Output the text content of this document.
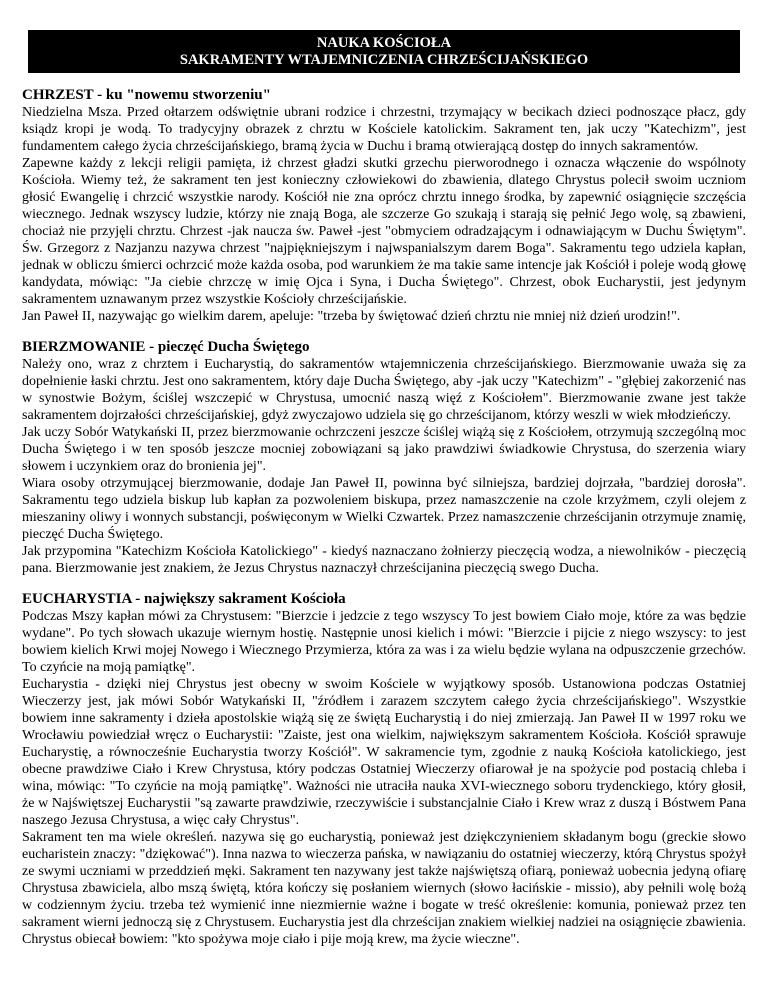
NAUKA KOŚCIOŁA
SAKRAMENTY WTAJEMNICZENIA CHRZEŚCIJAŃSKIEGO
CHRZEST - ku "nowemu stworzeniu"

Niedzielna Msza. Przed ołtarzem odświętnie ubrani rodzice i chrzestni, trzymający w becikach dzieci podnoszące płacz, gdy ksiądz kropi je wodą. To tradycyjny obrazek z chrztu w Kościele katolickim. Sakrament ten, jak uczy "Katechizm", jest fundamentem całego życia chrześcijańskiego, bramą życia w Duchu i bramą otwierającą dostęp do innych sakramentów.

Zapewne każdy z lekcji religii pamięta, iż chrzest gładzi skutki grzechu pierworodnego i oznacza włączenie do wspólnoty Kościoła. Wiemy też, że sakrament ten jest konieczny człowiekowi do zbawienia, dlatego Chrystus polecił swoim uczniom głosić Ewangelię i chrzcić wszystkie narody. Kościół nie zna oprócz chrztu innego środka, by zapewnić osiągnięcie szczęścia wiecznego. Jednak wszyscy ludzie, którzy nie znają Boga, ale szczerze Go szukają i starają się pełnić Jego wolę, są zbawieni, chociaż nie przyjęli chrztu. Chrzest -jak naucza św. Paweł -jest "obmyciem odradzającym i odnawiającym w Duchu Świętym". Św. Grzegorz z Nazjanzu nazywa chrzest "najpiękniejszym i najwspanialszym darem Boga". Sakramentu tego udziela kapłan, jednak w obliczu śmierci ochrzcić może każda osoba, pod warunkiem że ma takie same intencje jak Kościół i poleje wodą głowę kandydata, mówiąc: "Ja ciebie chrzczę w imię Ojca i Syna, i Ducha Świętego". Chrzest, obok Eucharystii, jest jedynym sakramentem uznawanym przez wszystkie Kościoły chrześcijańskie.

Jan Paweł II, nazywając go wielkim darem, apeluje: "trzeba by świętować dzień chrztu nie mniej niż dzień urodzin!".

BIERZMOWANIE - pieczęć Ducha Świętego

Należy ono, wraz z chrztem i Eucharystią, do sakramentów wtajemniczenia chrześcijańskiego. Bierzmowanie uważa się za dopełnienie łaski chrztu. Jest ono sakramentem, który daje Ducha Świętego, aby -jak uczy "Katechizm" - "głębiej zakorzenić nas w synostwie Bożym, ściślej wszczepić w Chrystusa, umocnić naszą więź z Kościołem". Bierzmowanie zwane jest także sakramentem dojrzałości chrześcijańskiej, gdyż zwyczajowo udziela się go chrześcijanom, którzy weszli w wiek młodzieńczy.

Jak uczy Sobór Watykański II, przez bierzmowanie ochrzczeni jeszcze ściślej wiążą się z Kościołem, otrzymują szczególną moc Ducha Świętego i w ten sposób jeszcze mocniej zobowiązani są jako prawdziwi świadkowie Chrystusa, do szerzenia wiary słowem i uczynkiem oraz do bronienia jej".

Wiara osoby otrzymującej bierzmowanie, dodaje Jan Paweł II, powinna być silniejsza, bardziej dojrzała, "bardziej dorosła". Sakramentu tego udziela biskup lub kapłan za pozwoleniem biskupa, przez namaszczenie na czole krzyżmem, czyli olejem z mieszaniny oliwy i wonnych substancji, poświęconym w Wielki Czwartek. Przez namaszczenie chrześcijanin otrzymuje znamię, pieczęć Ducha Świętego.

Jak przypomina "Katechizm Kościoła Katolickiego" - kiedyś naznaczano żołnierzy pieczęcią wodza, a niewolników - pieczęcią pana. Bierzmowanie jest znakiem, że Jezus Chrystus naznaczył chrześcijanina pieczęcią swego Ducha.

EUCHARYSTIA - największy sakrament Kościoła

Podczas Mszy kapłan mówi za Chrystusem: "Bierzcie i jedzcie z tego wszyscy To jest bowiem Ciało moje, które za was będzie wydane". Po tych słowach ukazuje wiernym hostię. Następnie unosi kielich i mówi: "Bierzcie i pijcie z niego wszyscy: to jest bowiem kielich Krwi mojej Nowego i Wiecznego Przymierza, która za was i za wielu będzie wylana na odpuszczenie grzechów. To czyńcie na moją pamiątkę".

Eucharystia - dzięki niej Chrystus jest obecny w swoim Kościele w wyjątkowy sposób. Ustanowiona podczas Ostatniej Wieczerzy jest, jak mówi Sobór Watykański II, "źródłem i zarazem szczytem całego życia chrześcijańskiego". Wszystkie bowiem inne sakramenty i dzieła apostolskie wiążą się ze świętą Eucharystią i do niej zmierzają. Jan Paweł II w 1997 roku we Wrocławiu powiedział wręcz o Eucharystii: "Zaiste, jest ona wielkim, największym sakramentem Kościoła. Kościół sprawuje Eucharystię, a równocześnie Eucharystia tworzy Kościół". W sakramencie tym, zgodnie z nauką Kościoła katolickiego, jest obecne prawdziwe Ciało i Krew Chrystusa, który podczas Ostatniej Wieczerzy ofiarował je na spożycie pod postacią chleba i wina, mówiąc: "To czyńcie na moją pamiątkę". Ważności nie utraciła nauka XVI-wiecznego soboru trydenckiego, który głosił, że w Najświętszej Eucharystii "są zawarte prawdziwie, rzeczywiście i substancjalnie Ciało i Krew wraz z duszą i Bóstwem Pana naszego Jezusa Chrystusa, a więc cały Chrystus".

Sakrament ten ma wiele określeń. nazywa się go eucharystią, ponieważ jest dziękczynieniem składanym bogu (greckie słowo eucharistein znaczy: "dziękować"). Inna nazwa to wieczerza pańska, w nawiązaniu do ostatniej wieczerzy, którą Chrystus spożył ze swymi uczniami w przeddzień męki. Sakrament ten nazywany jest także najświętszą ofiarą, ponieważ uobecnia jedyną ofiarę Chrystusa zbawiciela, albo mszą świętą, która kończy się posłaniem wiernych (słowo łacińskie - missio), aby pełnili wolę bożą w codziennym życiu. trzeba też wymienić inne niezmiernie ważne i bogate w treść określenie: komunia, ponieważ przez ten sakrament wierni jednoczą się z Chrystusem. Eucharystia jest dla chrześcijan znakiem wielkiej nadziei na osiągnięcie zbawienia. Chrystus obiecał bowiem: "kto spożywa moje ciało i pije moją krew, ma życie wieczne".
